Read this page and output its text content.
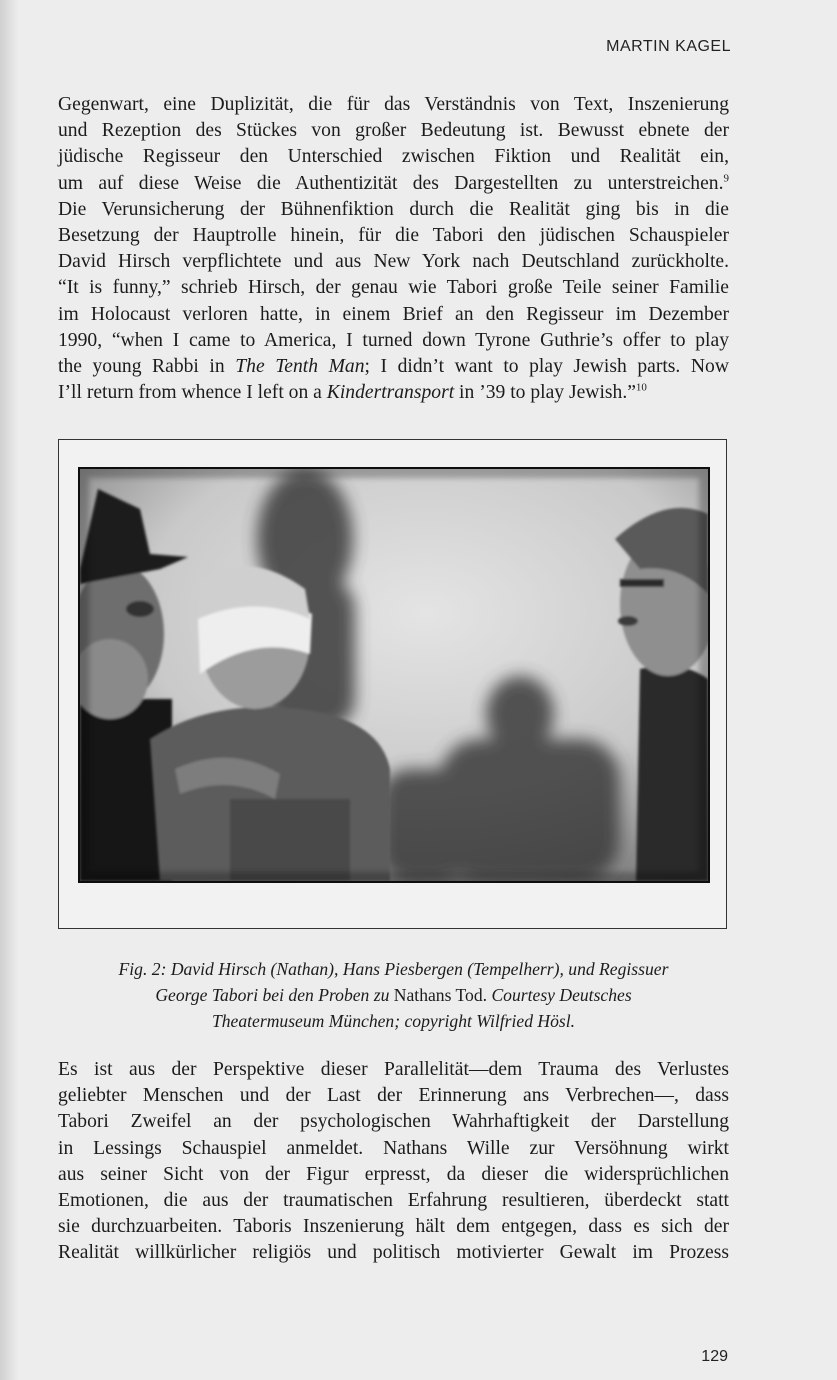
MARTIN KAGEL
Gegenwart, eine Duplizität, die für das Verständnis von Text, Inszenierung
und Rezeption des Stückes von großer Bedeutung ist. Bewusst ebnete der
jüdische Regisseur den Unterschied zwischen Fiktion und Realität ein,
um auf diese Weise die Authentizität des Dargestellten zu unterstreichen.$^9$
Die Verunsicherung der Bühnenfiktion durch die Realität ging bis in die
Besetzung der Hauptrolle hinein, für die Tabori den jüdischen Schauspieler
David Hirsch verpflichtete und aus New York nach Deutschland zurückholte.
“It is funny,” schrieb Hirsch, der genau wie Tabori große Teile seiner Familie
im Holocaust verloren hatte, in einem Brief an den Regisseur im Dezember
1990, “when I came to America, I turned down Tyrone Guthrie’s offer to play
the young Rabbi in The Tenth Man; I didn’t want to play Jewish parts. Now
I’ll return from whence I left on a Kindertransport in ’39 to play Jewish.”$^{10}$
Fig. 2: David Hirsch (Nathan), Hans Piesbergen (Tempelherr), und Regissuer
George Tabori bei den Proben zu Nathans Tod. Courtesy Deutsches
Theatermuseum München; copyright Wilfried Hösl.
Es ist aus der Perspektive dieser Parallelität—dem Trauma des Verlustes
geliebter Menschen und der Last der Erinnerung ans Verbrechen—, dass
Tabori Zweifel an der psychologischen Wahrhaftigkeit der Darstellung
in Lessings Schauspiel anmeldet. Nathans Wille zur Versöhnung wirkt
aus seiner Sicht von der Figur erpresst, da dieser die widersprüchlichen
Emotionen, die aus der traumatischen Erfahrung resultieren, überdeckt statt
sie durchzuarbeiten. Taboris Inszenierung hält dem entgegen, dass es sich der
Realität willkürlicher religiös und politisch motivierter Gewalt im Prozess
129
